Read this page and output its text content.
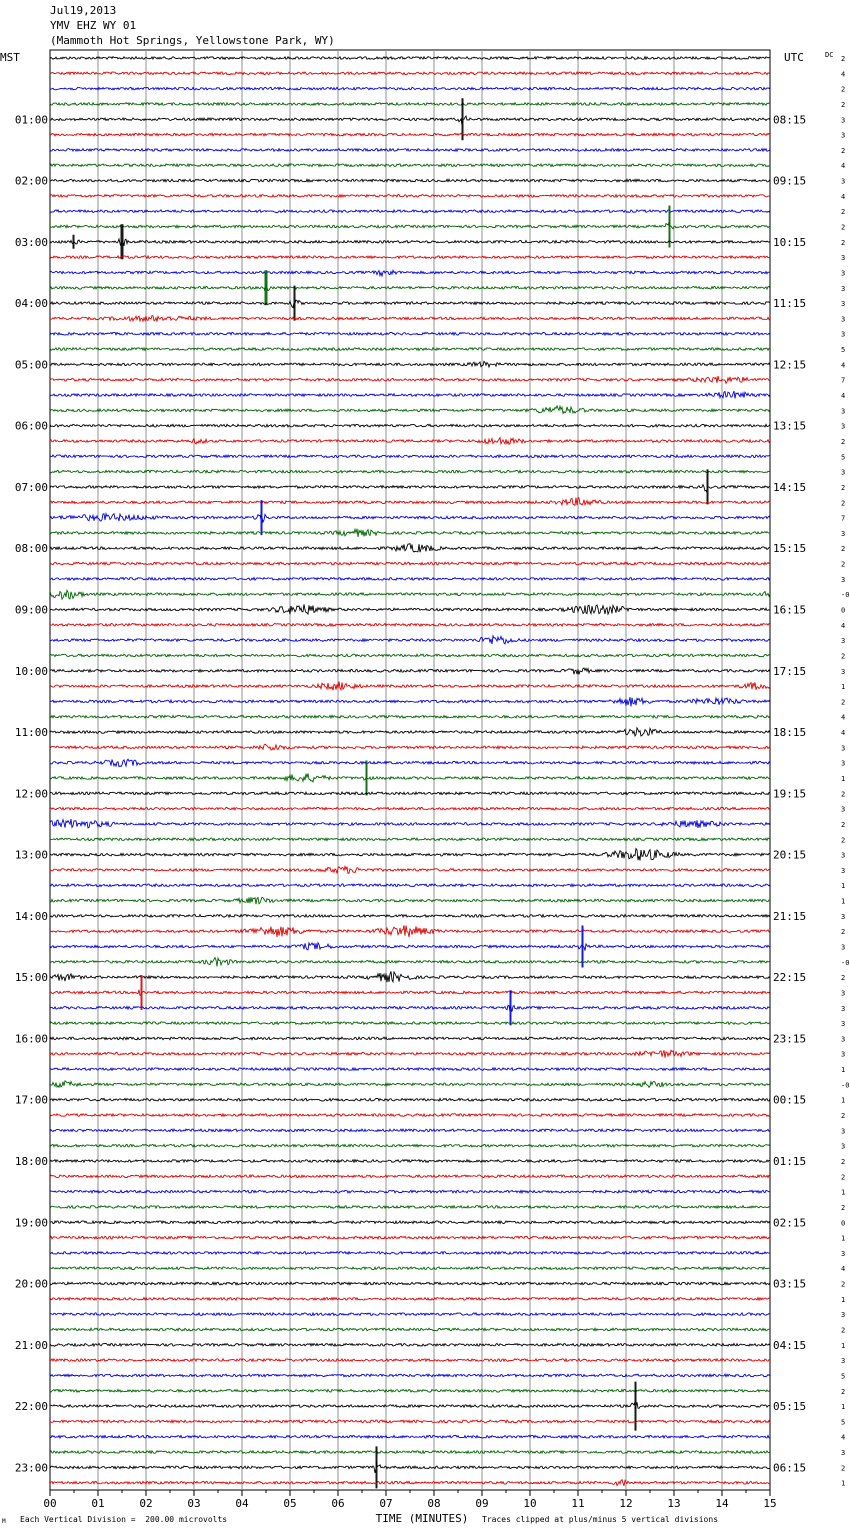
Jul19,2013
YMV EHZ WY 01
(Mammoth Hot Springs, Yellowstone Park, WY)
00	01	02	03	04	05	06	07	08	09	10	11	12	13	14	15
TIME (MINUTES)
2
4
2
2
3
3
2
4
3
4
2
2
2
3
3
3
3
3
3
5
4
7
4
3
3
2
5
3
2
2
7
3
2
2
3
-0
0
4
3
2
3
1
2
4
4
3
3
1
2
3
2
2
3
3
1
1
3
2
3
-0
2
3
3
3
3
3
1
-0
1
2
3
3
2
2
1
2
0
1
3
4
2
1
3
2
1
3
5
2
1
5
4
3
2
1
01:00
02:00
03:00
04:00
05:00
06:00
07:00
08:00
09:00
10:00
11:00
12:00
13:00
14:00
15:00
16:00
17:00
18:00
19:00
20:00
21:00
22:00
23:00
08:15
09:15
10:15
11:15
12:15
13:15
14:15
15:15
16:15
17:15
18:15
19:15
20:15
21:15
22:15
23:15
00:15
01:15
02:15
03:15
04:15
05:15
06:15
MST	UTC	DC
M Each Vertical Division =  200.00 microvolts	Traces clipped at plus/minus 5 vertical divisions
